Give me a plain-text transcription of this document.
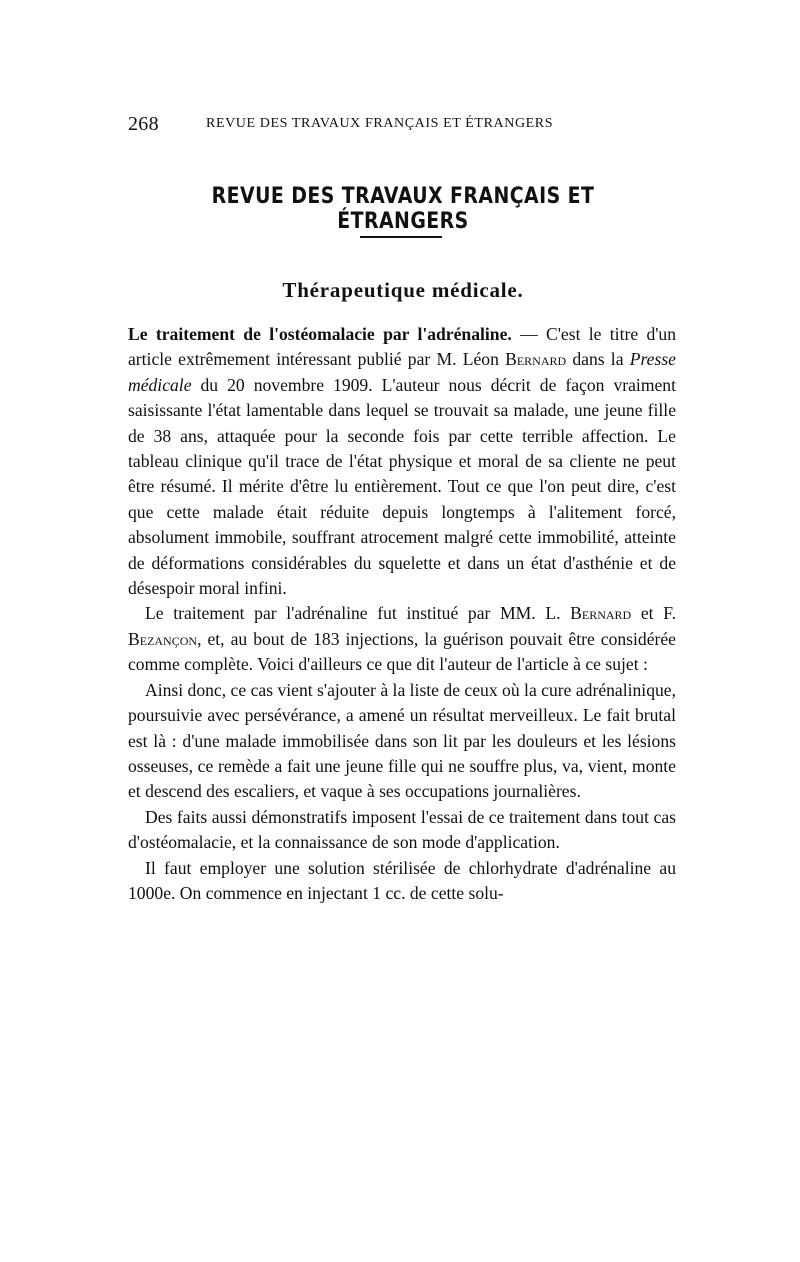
268	REVUE DES TRAVAUX FRANÇAIS ET ÉTRANGERS
REVUE DES TRAVAUX FRANÇAIS ET ÉTRANGERS
Thérapeutique médicale.

Le traitement de l'ostéomalacie par l'adrénaline. — C'est le titre d'un article extrêmement intéressant publié par M. Léon Bernard dans la Presse médicale du 20 novembre 1909. L'auteur nous décrit de façon vraiment saisissante l'état lamentable dans lequel se trouvait sa malade, une jeune fille de 38 ans, attaquée pour la seconde fois par cette terrible affection. Le tableau clinique qu'il trace de l'état physique et moral de sa cliente ne peut être résumé. Il mérite d'être lu entièrement. Tout ce que l'on peut dire, c'est que cette malade était réduite depuis longtemps à l'alitement forcé, absolument immobile, souffrant atrocement malgré cette immobilité, atteinte de déformations considérables du squelette et dans un état d'asthénie et de désespoir moral infini.

Le traitement par l'adrénaline fut institué par MM. L. Bernard et F. Bezançon, et, au bout de 183 injections, la guérison pouvait être considérée comme complète. Voici d'ailleurs ce que dit l'auteur de l'article à ce sujet :

Ainsi donc, ce cas vient s'ajouter à la liste de ceux où la cure adrénalinique, poursuivie avec persévérance, a amené un résultat merveilleux. Le fait brutal est là : d'une malade immobilisée dans son lit par les douleurs et les lésions osseuses, ce remède a fait une jeune fille qui ne souffre plus, va, vient, monte et descend des escaliers, et vaque à ses occupations journalières.

Des faits aussi démonstratifs imposent l'essai de ce traitement dans tout cas d'ostéomalacie, et la connaissance de son mode d'application.

Il faut employer une solution stérilisée de chlorhydrate d'adrénaline au 1000e. On commence en injectant 1 cc. de cette solu-
